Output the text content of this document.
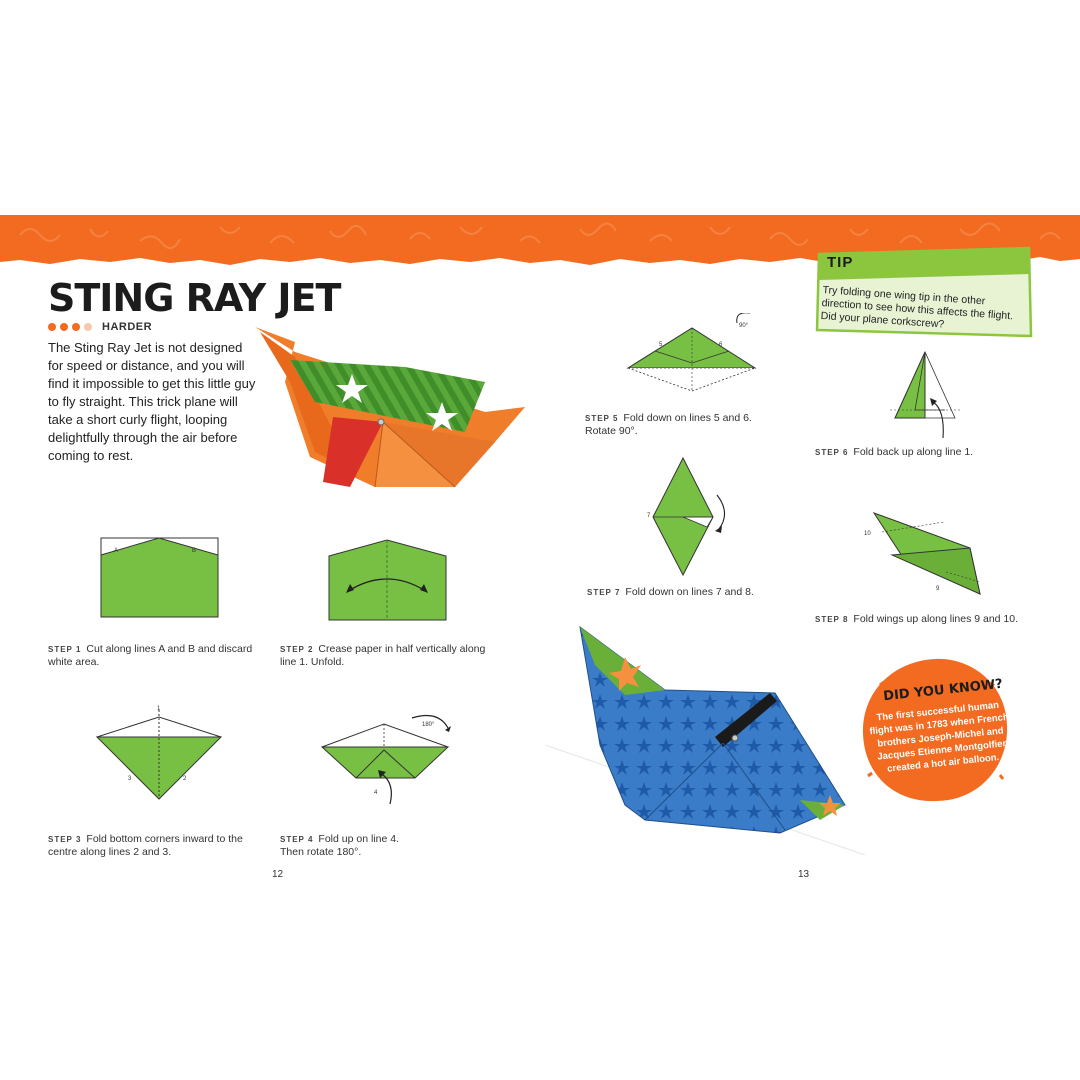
STING RAY JET
HARDER

The Sting Ray Jet is not designed for speed or distance, and you will find it impossible to get this little guy to fly straight. This trick plane will take a short curly flight, looping delightfully through the air before coming to rest.

A	B
1
2
3
4
180°

STEP 1 Cut along lines A and B and discard white area.

STEP 2 Crease paper in half vertically along line 1. Unfold.

STEP 3 Fold bottom corners inward to the centre along lines 2 and 3.

STEP 4 Fold up on line 4. Then rotate 180°.

12
5	6
90°
7
10
9

STEP 5 Fold down on lines 5 and 6. Rotate 90°.

STEP 6 Fold back up along line 1.

STEP 7 Fold down on lines 7 and 8.

STEP 8 Fold wings up along lines 9 and 10.

TIP

Try folding one wing tip in the other direction to see how this affects the flight. Did your plane corkscrew?

DID YOU KNOW?

The first successful human flight was in 1783 when French brothers Joseph-Michel and Jacques Etienne Montgolfier created a hot air balloon.

13
